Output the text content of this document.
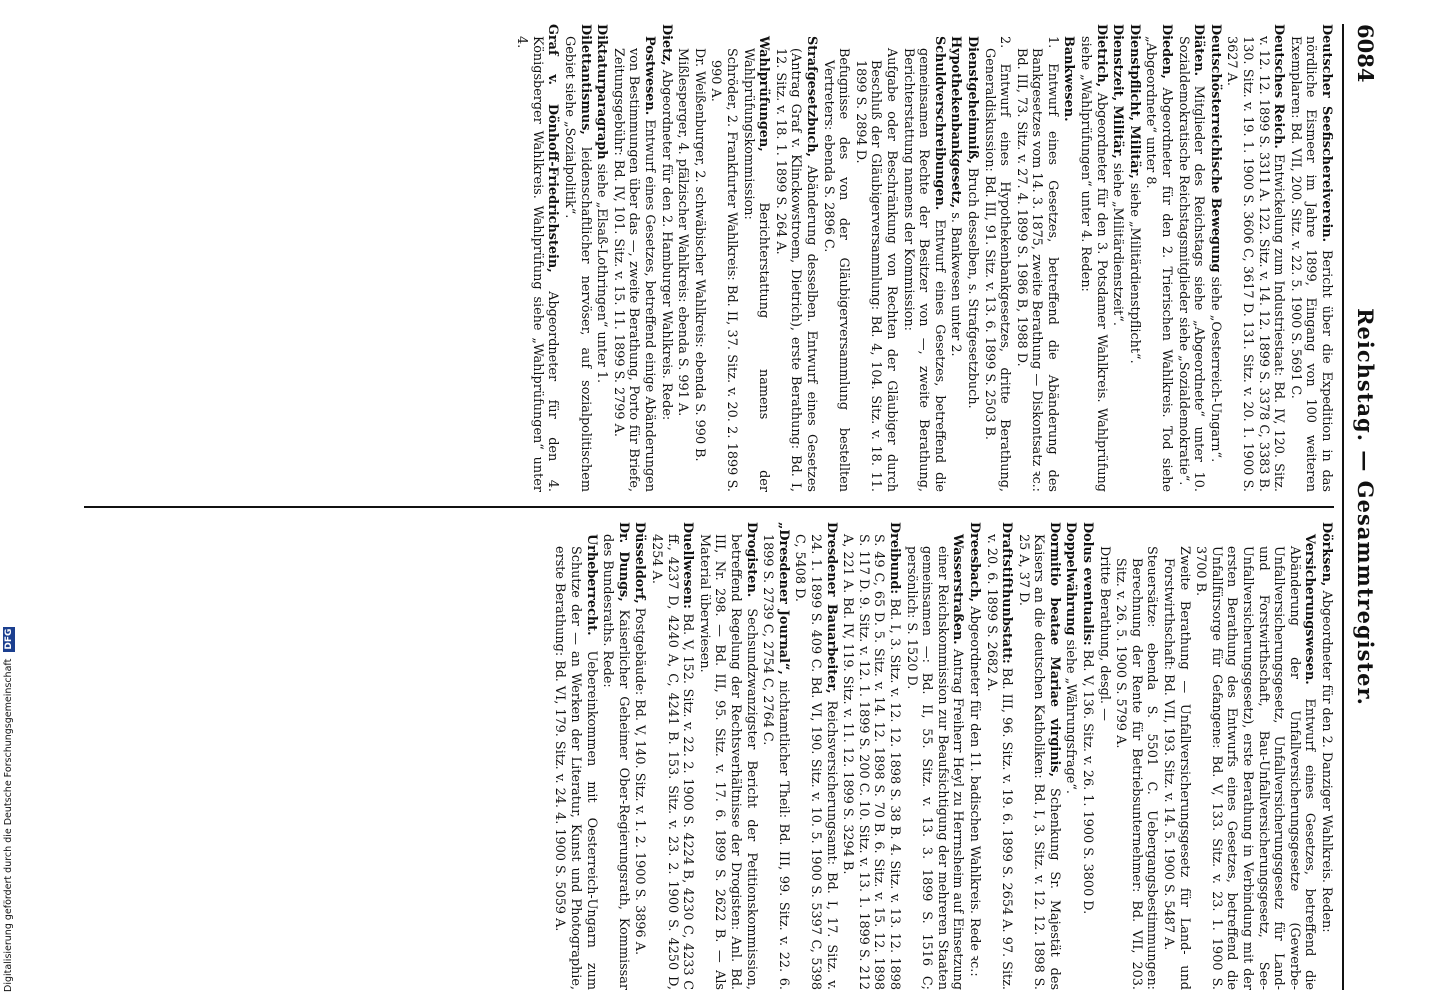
6084
Reichstag. — Gesammtregister.

Deutscher Seefischereiverein. Bericht über die Expedition in das nördliche Eismeer im Jahre 1899, Eingang von 100 weiteren Exemplaren: Bd. VII, 200. Sitz. v. 22. 5. 1900 S. 5691 C.

Deutsches Reich. Entwickelung zum Industriestaat: Bd. IV, 120. Sitz. v. 12. 12. 1899 S. 3311 A. 122. Sitz. v. 14. 12. 1899 S. 3378 C, 3383 B. 130. Sitz. v. 19. 1. 1900 S. 3606 C, 3617 D. 131. Sitz. v. 20. 1. 1900 S. 3627 A.

Deutschösterreichische Bewegung siehe „Oesterreich-Ungarn“.

Diäten. Mitglieder des Reichstags siehe „Abgeordnete“ unter 10. Sozialdemokratische Reichstagsmitglieder siehe „Sozialdemokratie“.

Dieden, Abgeordneter für den 2. Trierischen Wahlkreis. Tod siehe „Abgeordnete“ unter 8.

Dienstpflicht, Militär, siehe „Militärdienstpflicht“.

Dienstzeit, Militär, siehe „Militärdienstzeit“.

Dietrich, Abgeordneter für den 3. Potsdamer Wahlkreis. Wahlprüfung siehe „Wahlprüfungen“ unter 4. Reden:

Bankwesen.

1. Entwurf eines Gesetzes, betreffend die Abänderung des Bankgesetzes vom 14. 3. 1875, zweite Berathung — Diskontsatz ꝛc.: Bd. III, 73. Sitz. v. 27. 4. 1899 S. 1986 B, 1988 D.

2. Entwurf eines Hypothekenbankgesetzes, dritte Berathung, Generaldiskussion: Bd. III, 91. Sitz. v. 13. 6. 1899 S. 2503 B.

Dienstgeheimniß, Bruch desselben, s. Strafgesetzbuch.

Hypothekenbankgesetz, s. Bankwesen unter 2.

Schuldverschreibungen. Entwurf eines Gesetzes, betreffend die gemeinsamen Rechte der Besitzer von —, zweite Berathung, Berichterstattung namens der Kommission:

Aufgabe oder Beschränkung von Rechten der Gläubiger durch Beschluß der Gläubigerversammlung: Bd. 4, 104. Sitz. v. 18. 11. 1899 S. 2894 D.

Befugnisse des von der Gläubigerversammlung bestellten Vertreters: ebenda S. 2896 C.

Strafgesetzbuch, Abänderung desselben. Entwurf eines Gesetzes (Antrag Graf v. Klinckowstroem, Dietrich), erste Berathung: Bd. I, 12. Sitz. v. 18. 1. 1899 S. 264 A.

Wahlprüfungen, Berichterstattung namens der Wahlprüfungskommission:

Schröder, 2. Frankfurter Wahlkreis: Bd. II, 37. Sitz. v. 20. 2. 1899 S. 990 A.

Dr. Weißenburger, 2. schwäbischer Wahlkreis: ebenda S. 990 B.

Mißlesperger, 4. pfälzischer Wahlkreis: ebenda S. 991 A.

Dietz, Abgeordneter für den 2. Hamburger Wahlkreis. Rede:

Postwesen. Entwurf eines Gesetzes, betreffend einige Abänderungen von Bestimmungen über das —, zweite Berathung, Porto für Briefe, Zeitungsgebühr: Bd. IV, 101. Sitz. v. 15. 11. 1899 S. 2799 A.

Diktaturparagraph siehe „Elsaß-Lothringen“ unter 1.

Dilettantismus, leidenschaftlicher nervöser, auf sozialpolitischem Gebiet siehe „Sozialpolitik“.

Graf v. Dönhoff-Friedrichstein, Abgeordneter für den 4. Königsberger Wahlkreis. Wahlprüfung siehe „Wahlprüfungen“ unter 4.

Dörksen, Abgeordneter für den 2. Danziger Wahlkreis. Reden:

Versicherungswesen. Entwurf eines Gesetzes, betreffend die Abänderung der Unfallversicherungsgesetze (Gewerbe-Unfallversicherungsgesetz, Unfallversicherungsgesetz für Land- und Forstwirthschaft, Bau-Unfallversicherungsgesetz, See-Unfallversicherungsgesetz), erste Berathung in Verbindung mit der ersten Berathung des Entwurfs eines Gesetzes, betreffend die Unfallfürsorge für Gefangene: Bd. V, 133. Sitz. v. 23. 1. 1900 S. 3700 B.

Zweite Berathung — Unfallversicherungsgesetz für Land- und Forstwirthschaft: Bd. VII, 193. Sitz. v. 14. 5. 1900 S. 5487 A.

Steuersätze: ebenda S. 5501 C. Uebergangsbestimmungen: Berechnung der Rente für Betriebsunternehmer: Bd. VII, 203. Sitz. v. 26. 5. 1900 S. 5799 A.

Dritte Berathung, desgl. —

Dolus eventualis: Bd. V, 136. Sitz. v. 26. 1. 1900 S. 3800 D.

Doppelwährung siehe „Währungsfrage“.

Dormitio beatae Mariae virginis, Schenkung Sr. Majestät des Kaisers an die deutschen Katholiken: Bd. I, 3. Sitz. v. 12. 12. 1898 S. 25 A, 37 D.

Draftstifthunbstatt: Bd. III, 96. Sitz. v. 19. 6. 1899 S. 2654 A. 97. Sitz. v. 20. 6. 1899 S. 2682 A.

Dreesbach, Abgeordneter für den 11. badischen Wahlkreis. Rede ꝛc.:

Wasserstraßen. Antrag Freiherr Heyl zu Herrnsheim auf Einsetzung einer Reichskommission zur Beaufsichtigung der mehreren Staaten gemeinsamen —: Bd. II, 55. Sitz. v. 13. 3. 1899 S. 1516 C; persönlich: S. 1520 D.

Dreibund: Bd. I, 3. Sitz. v. 12. 12. 1898 S. 38 B. 4. Sitz. v. 13. 12. 1898 S. 49 C, 65 D. 5. Sitz. v. 14. 12. 1898 S. 70 B. 6. Sitz. v. 15. 12. 1898 S. 117 D. 9. Sitz. v. 12. 1. 1899 S. 200 C. 10. Sitz. v. 13. 1. 1899 S. 212 A, 221 A. Bd. IV, 119. Sitz. v. 11. 12. 1899 S. 3294 B.

Dresdener Bauarbeiter, Reichsversicherungsamt: Bd. I, 17. Sitz. v. 24. 1. 1899 S. 409 C. Bd. VI, 190. Sitz. v. 10. 5. 1900 S. 5397 C, 5398 C, 5408 D.

„Dresdener Journal“, nichtamtlicher Theil: Bd. III, 99. Sitz. v. 22. 6. 1899 S. 2739 C, 2754 C, 2764 C.

Drogisten. Sechsundzwanzigster Bericht der Petitionskommission, betreffend Regelung der Rechtsverhältnisse der Drogisten: Anl. Bd. III, Nr. 298. — Bd. III, 95. Sitz. v. 17. 6. 1899 S. 2622 B. — Als Material überwiesen.

Duellwesen: Bd. V, 152. Sitz. v. 22. 2. 1900 S. 4224 B, 4230 C, 4233 C ff., 4237 D, 4240 A, C, 4241 B. 153. Sitz. v. 23. 2. 1900 S. 4250 D, 4254 A.

Düsseldorf, Postgebäude: Bd. V, 140. Sitz. v. 1. 2. 1900 S. 3896 A.

Dr. Dungs, Kaiserlicher Geheimer Ober-Regierungsrath, Kommissar des Bundesraths. Rede:

Urheberrecht. Uebereinkommen mit Oesterreich-Ungarn zum Schutze der — an Werken der Literatur, Kunst und Photographie, erste Berathung: Bd. VI, 179. Sitz. v. 24. 4. 1900 S. 5059 A.

Digitalisierung gefördert durch die Deutsche Forschungsgemeinschaft DFG
